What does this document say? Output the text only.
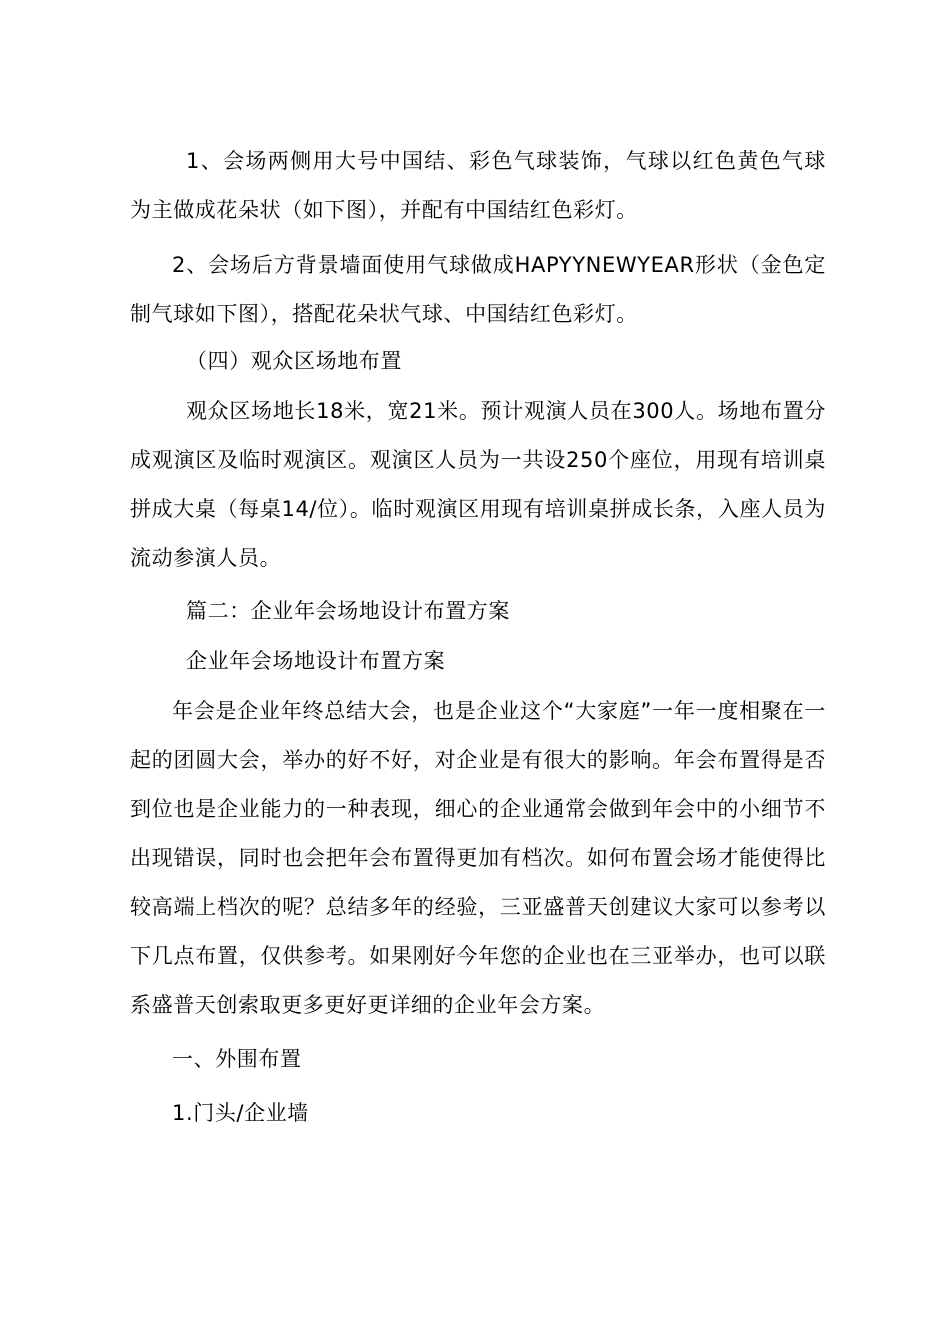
1、会场两侧用大号中国结、彩色气球装饰，气球以红色黄色气球为主做成花朵状（如下图），并配有中国结红色彩灯。

2、会场后方背景墙面使用气球做成HAPYYNEWYEAR形状（金色定制气球如下图），搭配花朵状气球、中国结红色彩灯。

（四）观众区场地布置

观众区场地长18米，宽21米。预计观演人员在300人。场地布置分成观演区及临时观演区。观演区人员为一共设250个座位，用现有培训桌拼成大桌（每桌14/位）。临时观演区用现有培训桌拼成长条，入座人员为流动参演人员。

篇二：企业年会场地设计布置方案
企业年会场地设计布置方案

年会是企业年终总结大会，也是企业这个“大家庭”一年一度相聚在一起的团圆大会，举办的好不好，对企业是有很大的影响。年会布置得是否到位也是企业能力的一种表现，细心的企业通常会做到年会中的小细节不出现错误，同时也会把年会布置得更加有档次。如何布置会场才能使得比较高端上档次的呢？总结多年的经验，三亚盛普天创建议大家可以参考以下几点布置，仅供参考。如果刚好今年您的企业也在三亚举办，也可以联系盛普天创索取更多更好更详细的企业年会方案。

一、外围布置
1.门头/企业墙
